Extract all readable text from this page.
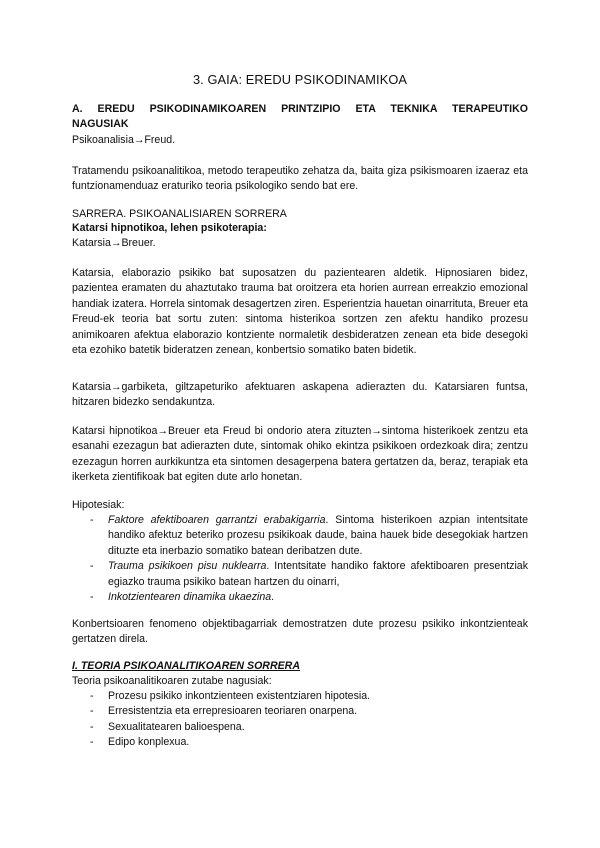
3. GAIA: EREDU PSIKODINAMIKOA
A. EREDU PSIKODINAMIKOAREN PRINTZIPIO ETA TEKNIKA TERAPEUTIKO
NAGUSIAK

Psikoanalisia→Freud.

Tratamendu psikoanalitikoa, metodo terapeutiko zehatza da, baita giza psikismoaren izaeraz eta funtzionamenduaz eraturiko teoria psikologiko sendo bat ere.

SARRERA. PSIKOANALISIAREN SORRERA

Katarsi hipnotikoa, lehen psikoterapia:

Katarsia→Breuer.

Katarsia, elaborazio psikiko bat suposatzen du pazientearen aldetik. Hipnosiaren bidez, pazientea eramaten du ahaztutako trauma bat oroitzera eta horien aurrean erreakzio emozional handiak izatera. Horrela sintomak desagertzen ziren. Esperientzia hauetan oinarrituta, Breuer eta Freud-ek teoria bat sortu zuten: sintoma histerikoa sortzen zen afektu handiko prozesu animikoaren afektua elaborazio kontziente normaletik desbideratzen zenean eta bide desegoki eta ezohiko batetik bideratzen zenean, konbertsio somatiko baten bidetik.

Katarsia→garbiketa, giltzapeturiko afektuaren askapena adierazten du. Katarsiaren funtsa, hitzaren bidezko sendakuntza.

Katarsi hipnotikoa→Breuer eta Freud bi ondorio atera zituzten→sintoma histerikoek zentzu eta esanahi ezezagun bat adierazten dute, sintomak ohiko ekintza psikikoen ordezkoak dira; zentzu ezezagun horren aurkikuntza eta sintomen desagerpena batera gertatzen da, beraz, terapiak eta ikerketa zientifikoak bat egiten dute arlo honetan.

Hipotesiak:

- Faktore afektiboaren garrantzi erabakigarria. Sintoma histerikoen azpian intentsitate handiko afektuz beteriko prozesu psikikoak daude, baina hauek bide desegokiak hartzen dituzte eta inerbazio somatiko batean deribatzen dute.
- Trauma psikikoen pisu nuklearra. Intentsitate handiko faktore afektiboaren presentziak egiazko trauma psikiko batean hartzen du oinarri,
- Inkotzientearen dinamika ukaezina.

Konbertsioaren fenomeno objektibagarriak demostratzen dute prozesu psikiko inkontzienteak gertatzen direla.

I. TEORIA PSIKOANALITIKOAREN SORRERA

Teoria psikoanalitikoaren zutabe nagusiak:

- Prozesu psikiko inkontzienteen existentziaren hipotesia.
- Erresistentzia eta errepresioaren teoriaren onarpena.
- Sexualitatearen balioespena.
- Edipo konplexua.
